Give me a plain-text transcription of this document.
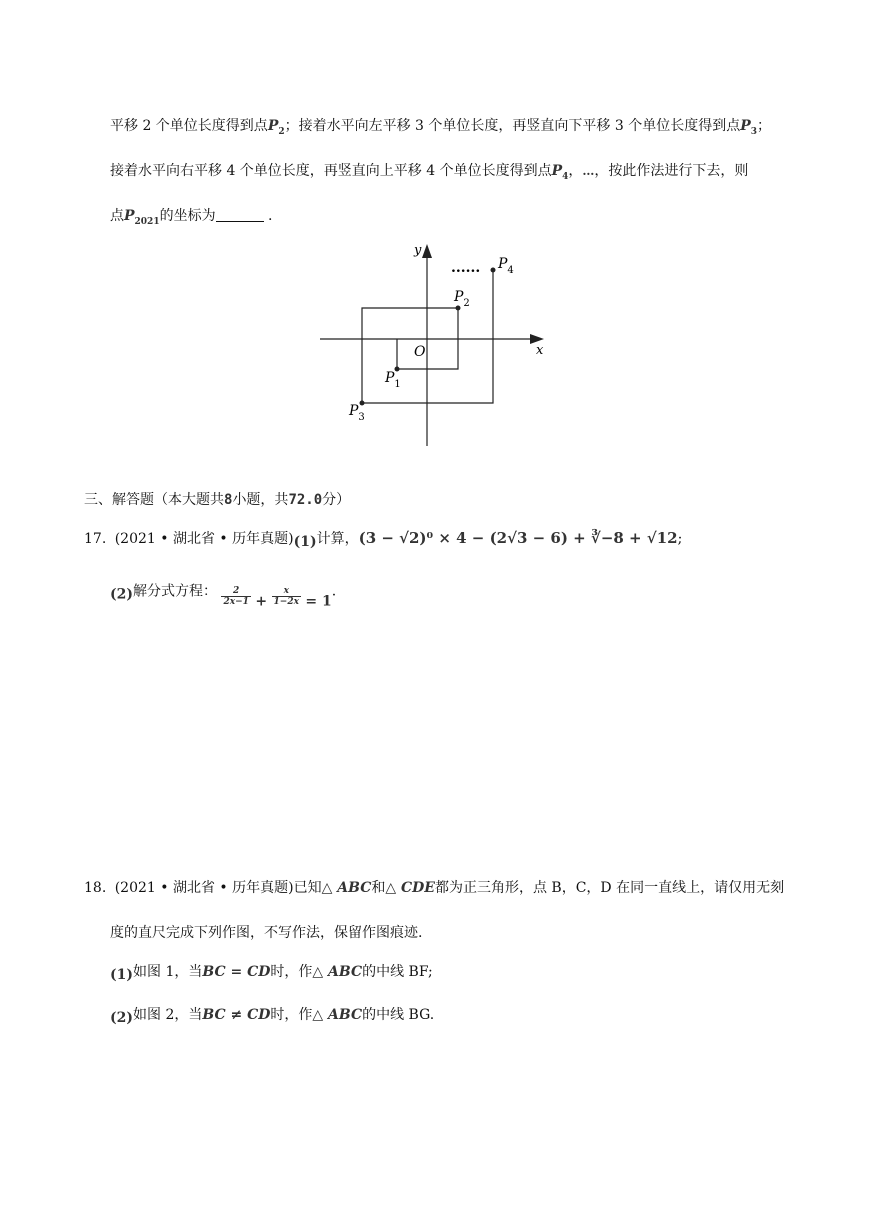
平移 2 个单位长度得到点$P_2$；接着水平向左平移 3 个单位长度，再竖直向下平移 3 个单位长度得到点$P_3$；
接着水平向右平移 4 个单位长度，再竖直向上平移 4 个单位长度得到点$P_4$，…，按此作法进行下去，则
点$P_{2021}$的坐标为	.
x
y
O
$P_1$
$P_2$
$P_3$
$P_4$
......
三、解答题（本大题共8小题，共72.0分）
17. (2021 • 湖北省 • 历年真题)(1)计算，(3 − √2)⁰ × 4 − (2√3 − 6) + ∛−8 + √12;
(2)解分式方程： $\frac{2}{2x-1} + \frac{x}{1-2x} = 1$.
18. (2021 • 湖北省 • 历年真题)已知△ ABC和△ CDE都为正三角形，点 B，C，D 在同一直线上，请仅用无刻
度的直尺完成下列作图，不写作法，保留作图痕迹.
(1)如图 1，当BC = CD时，作△ ABC的中线 BF;
(2)如图 2，当BC ≠ CD时，作△ ABC的中线 BG.
